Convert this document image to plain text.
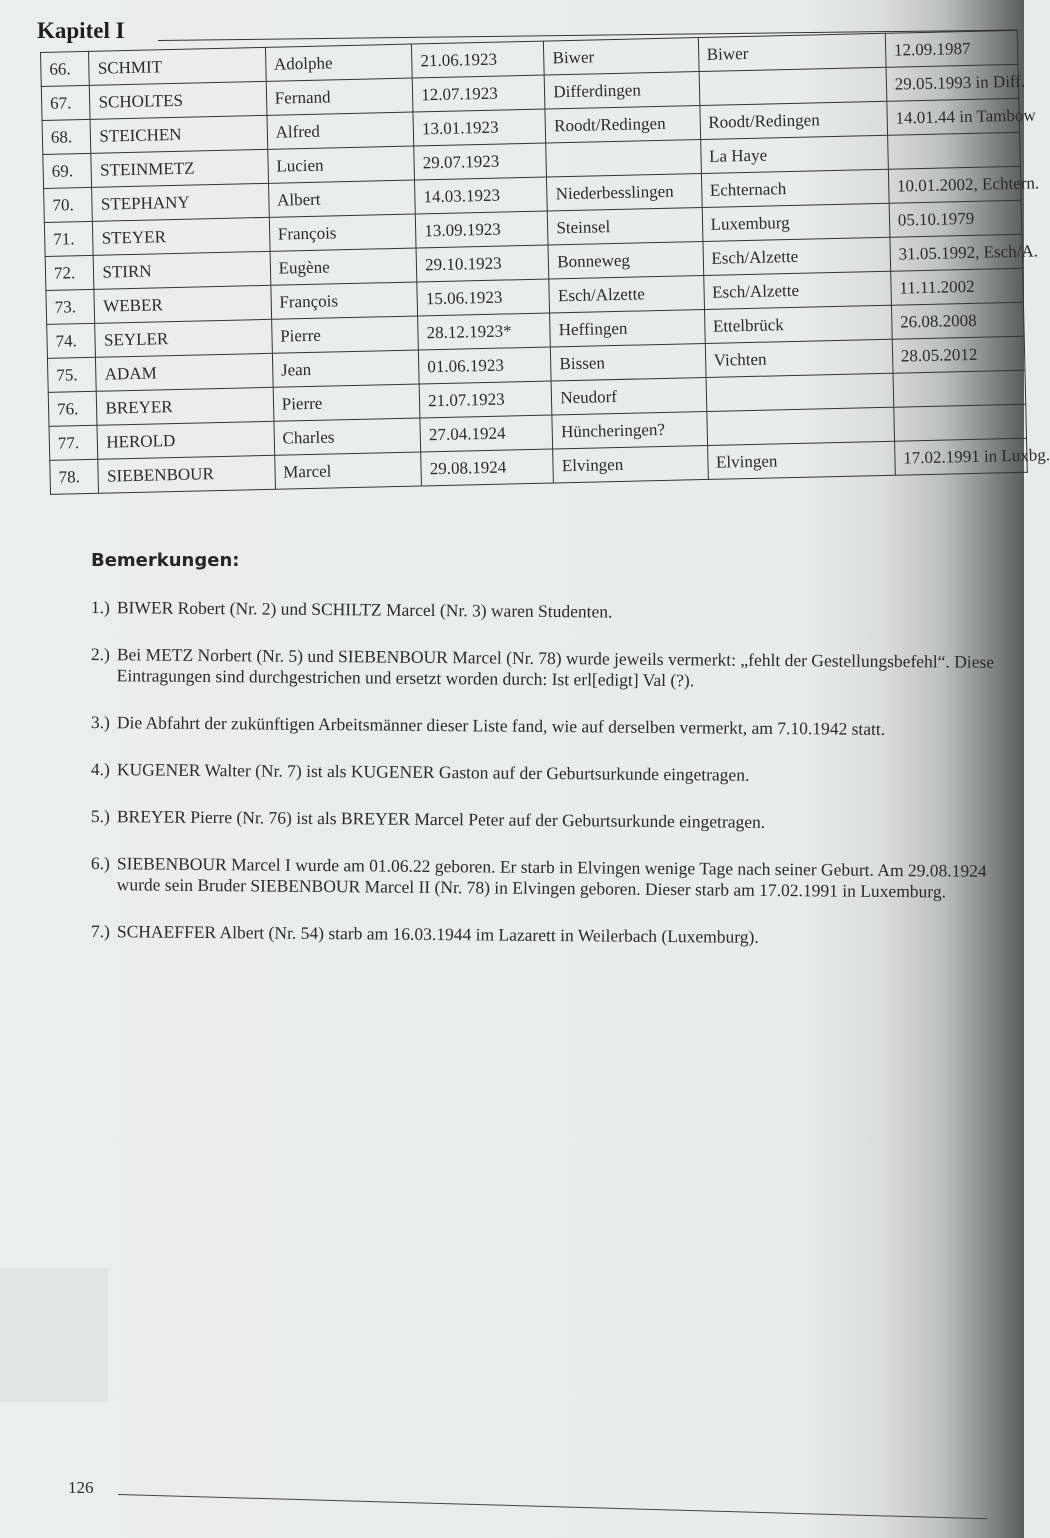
Kapitel I
66.	SCHMIT	Adolphe	21.06.1923	Biwer	Biwer	12.09.1987
67.	SCHOLTES	Fernand	12.07.1923	Differdingen		29.05.1993 in Diff.
68.	STEICHEN	Alfred	13.01.1923	Roodt/Redingen	Roodt/Redingen	14.01.44 in Tambow
69.	STEINMETZ	Lucien	29.07.1923		La Haye	
70.	STEPHANY	Albert	14.03.1923	Niederbesslingen	Echternach	10.01.2002, Echtern.
71.	STEYER	François	13.09.1923	Steinsel	Luxemburg	05.10.1979
72.	STIRN	Eugène	29.10.1923	Bonneweg	Esch/Alzette	31.05.1992, Esch/A.
73.	WEBER	François	15.06.1923	Esch/Alzette	Esch/Alzette	11.11.2002
74.	SEYLER	Pierre	28.12.1923*	Heffingen	Ettelbrück	26.08.2008
75.	ADAM	Jean	01.06.1923	Bissen	Vichten	28.05.2012
76.	BREYER	Pierre	21.07.1923	Neudorf		
77.	HEROLD	Charles	27.04.1924	Hüncheringen?		
78.	SIEBENBOUR	Marcel	29.08.1924	Elvingen	Elvingen	17.02.1991 in Luxbg.
Bemerkungen:
1.) BIWER Robert (Nr. 2) und SCHILTZ Marcel (Nr. 3) waren Studenten.
2.) Bei METZ Norbert (Nr. 5) und SIEBENBOUR Marcel (Nr. 78) wurde jeweils vermerkt: „fehlt der Gestellungsbefehl“. Diese Eintragungen sind durchgestrichen und ersetzt worden durch: Ist erl[edigt] Val (?).
3.) Die Abfahrt der zukünftigen Arbeitsmänner dieser Liste fand, wie auf derselben vermerkt, am 7.10.1942 statt.
4.) KUGENER Walter (Nr. 7) ist als KUGENER Gaston auf der Geburtsurkunde eingetragen.
5.) BREYER Pierre (Nr. 76) ist als BREYER Marcel Peter auf der Geburtsurkunde eingetragen.
6.) SIEBENBOUR Marcel I wurde am 01.06.22 geboren. Er starb in Elvingen wenige Tage nach seiner Geburt. Am 29.08.1924 wurde sein Bruder SIEBENBOUR Marcel II (Nr. 78) in Elvingen geboren. Dieser starb am 17.02.1991 in Luxemburg.
7.) SCHAEFFER Albert (Nr. 54) starb am 16.03.1944 im Lazarett in Weilerbach (Luxemburg).
126
